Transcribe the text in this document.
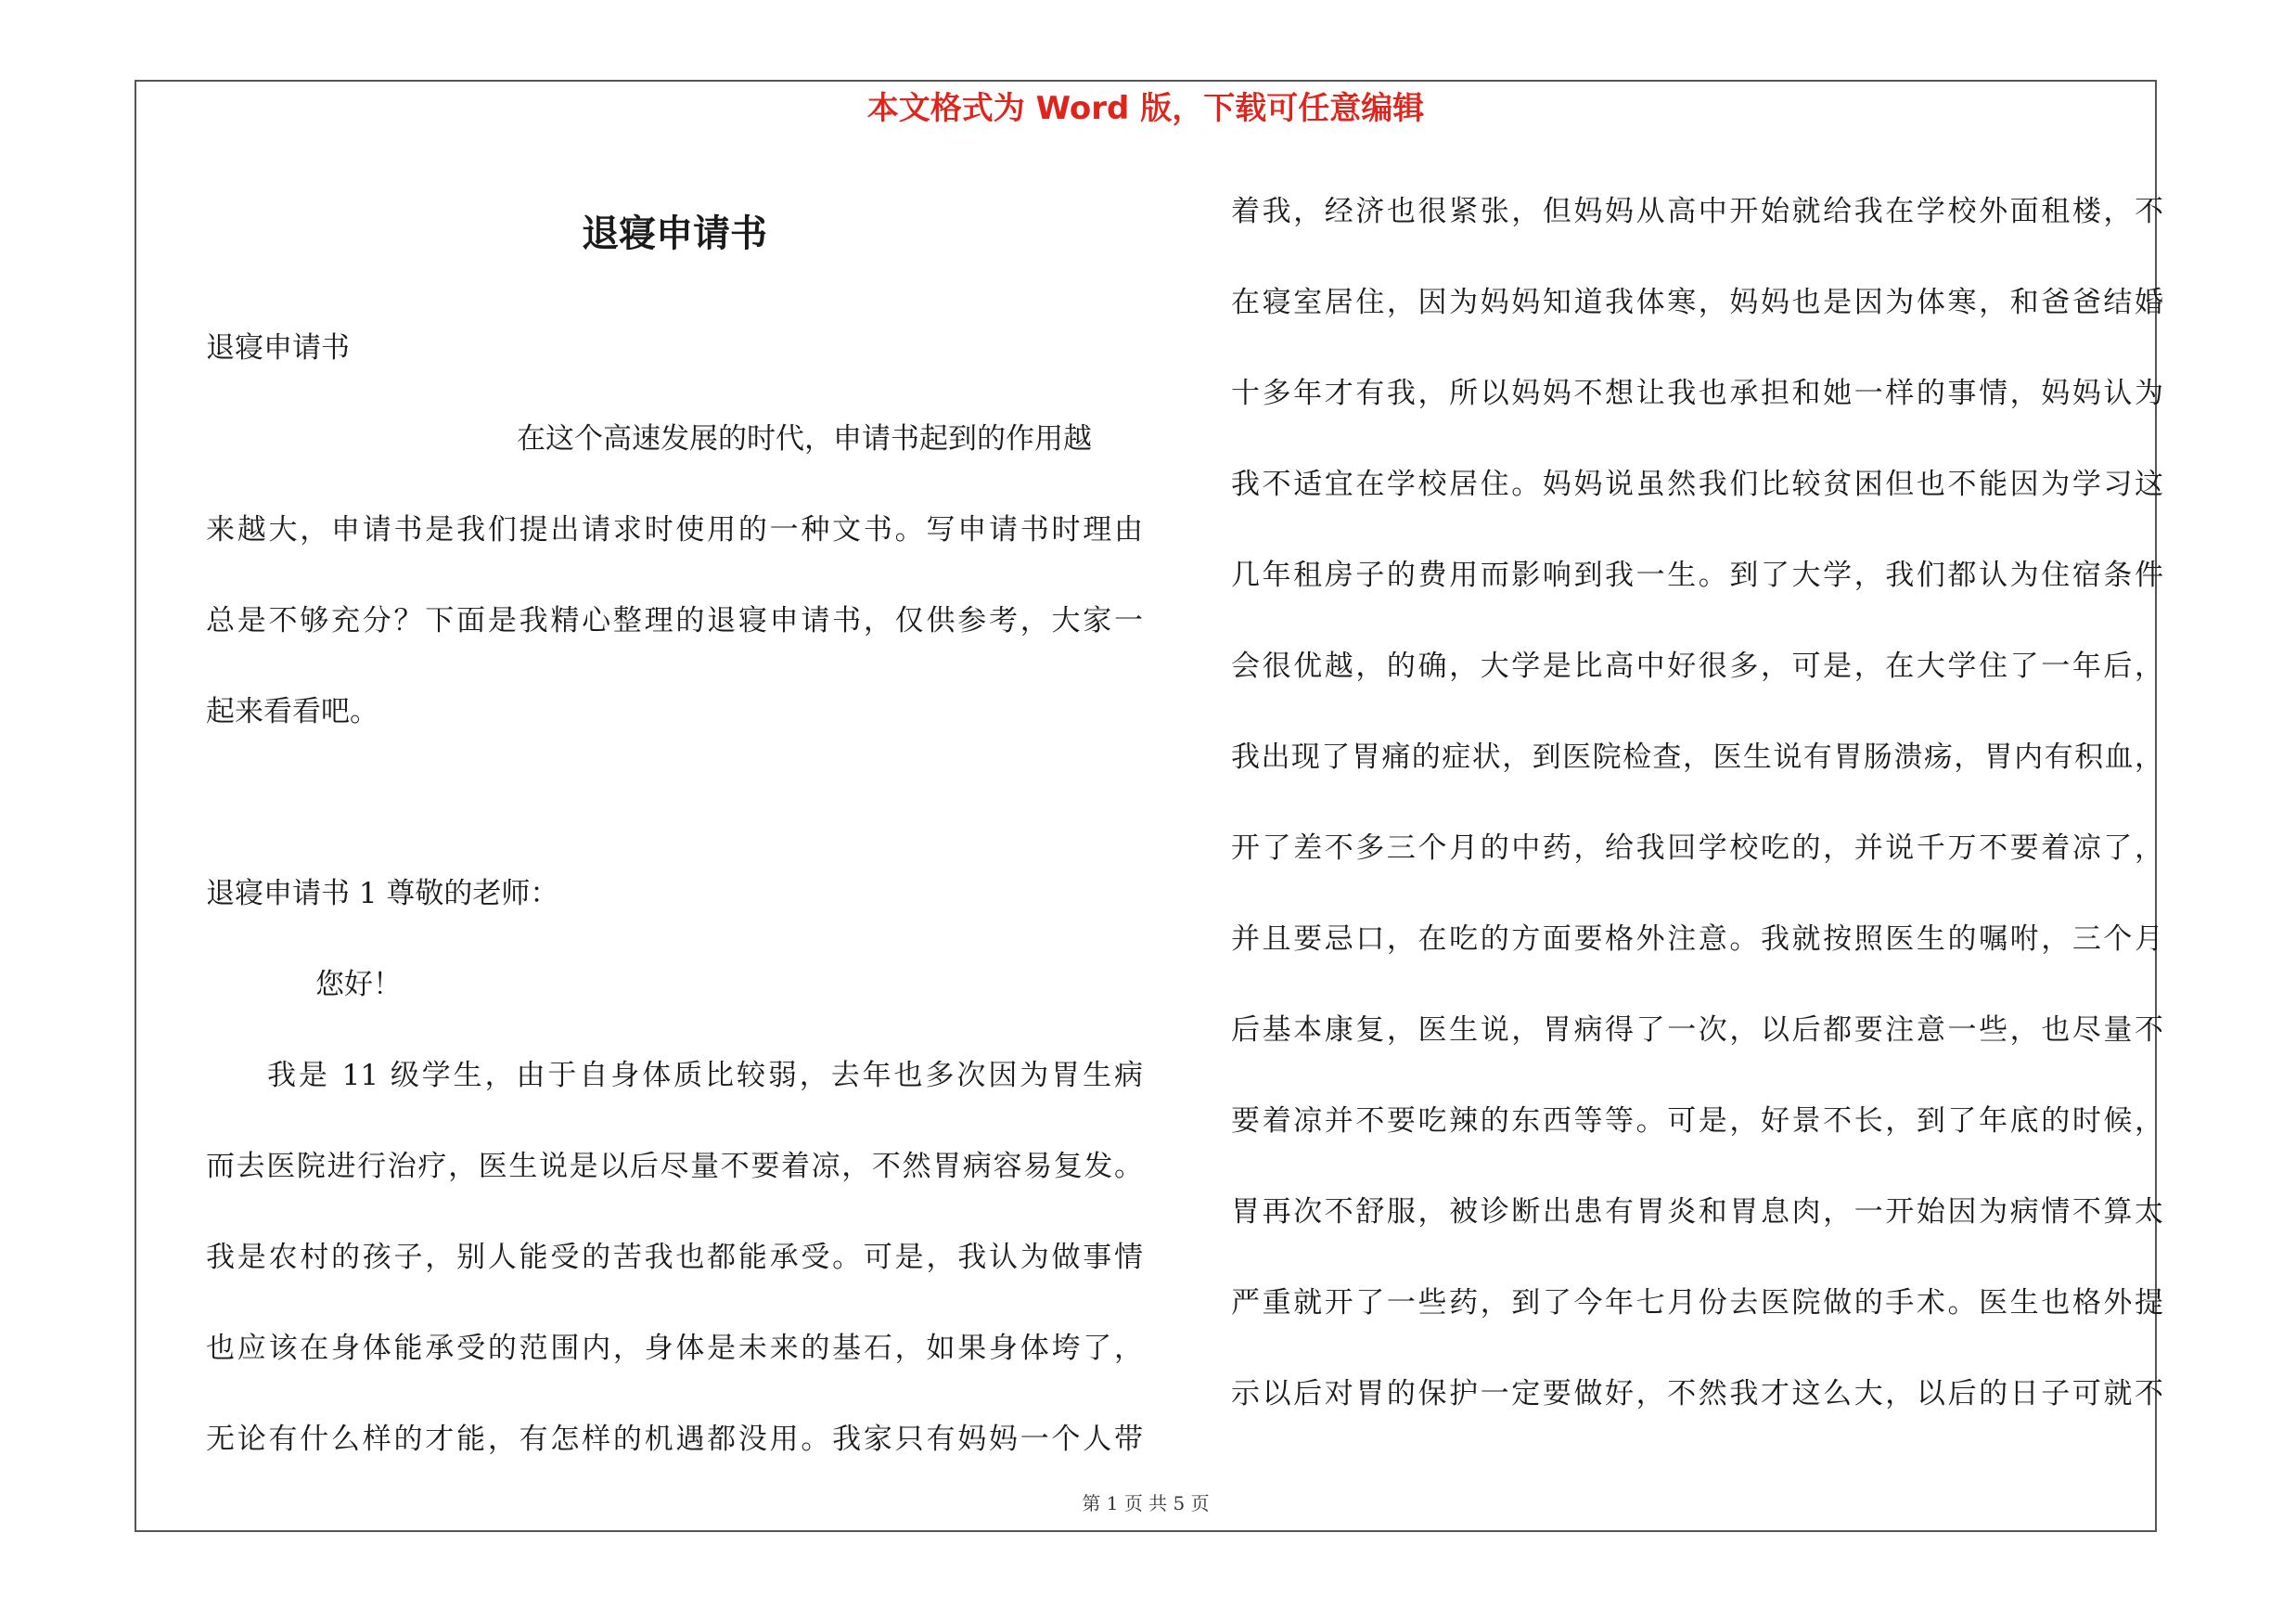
本文格式为 Word 版，下载可任意编辑
退寝申请书
退寝申请书
在这个高速发展的时代，申请书起到的作用越
来越大，申请书是我们提出请求时使用的一种文书。写申请书时理由
总是不够充分？下面是我精心整理的退寝申请书，仅供参考，大家一
起来看看吧。
退寝申请书 1 尊敬的老师：
您好！
我是 11 级学生，由于自身体质比较弱，去年也多次因为胃生病
而去医院进行治疗，医生说是以后尽量不要着凉，不然胃病容易复发。
我是农村的孩子，别人能受的苦我也都能承受。可是，我认为做事情
也应该在身体能承受的范围内，身体是未来的基石，如果身体垮了，
无论有什么样的才能，有怎样的机遇都没用。我家只有妈妈一个人带
着我，经济也很紧张，但妈妈从高中开始就给我在学校外面租楼，不
在寝室居住，因为妈妈知道我体寒，妈妈也是因为体寒，和爸爸结婚
十多年才有我，所以妈妈不想让我也承担和她一样的事情，妈妈认为
我不适宜在学校居住。妈妈说虽然我们比较贫困但也不能因为学习这
几年租房子的费用而影响到我一生。到了大学，我们都认为住宿条件
会很优越，的确，大学是比高中好很多，可是，在大学住了一年后，
我出现了胃痛的症状，到医院检查，医生说有胃肠溃疡，胃内有积血，
开了差不多三个月的中药，给我回学校吃的，并说千万不要着凉了，
并且要忌口，在吃的方面要格外注意。我就按照医生的嘱咐，三个月
后基本康复，医生说，胃病得了一次，以后都要注意一些，也尽量不
要着凉并不要吃辣的东西等等。可是，好景不长，到了年底的时候，
胃再次不舒服，被诊断出患有胃炎和胃息肉，一开始因为病情不算太
严重就开了一些药，到了今年七月份去医院做的手术。医生也格外提
示以后对胃的保护一定要做好，不然我才这么大，以后的日子可就不
第 1 页 共 5 页
